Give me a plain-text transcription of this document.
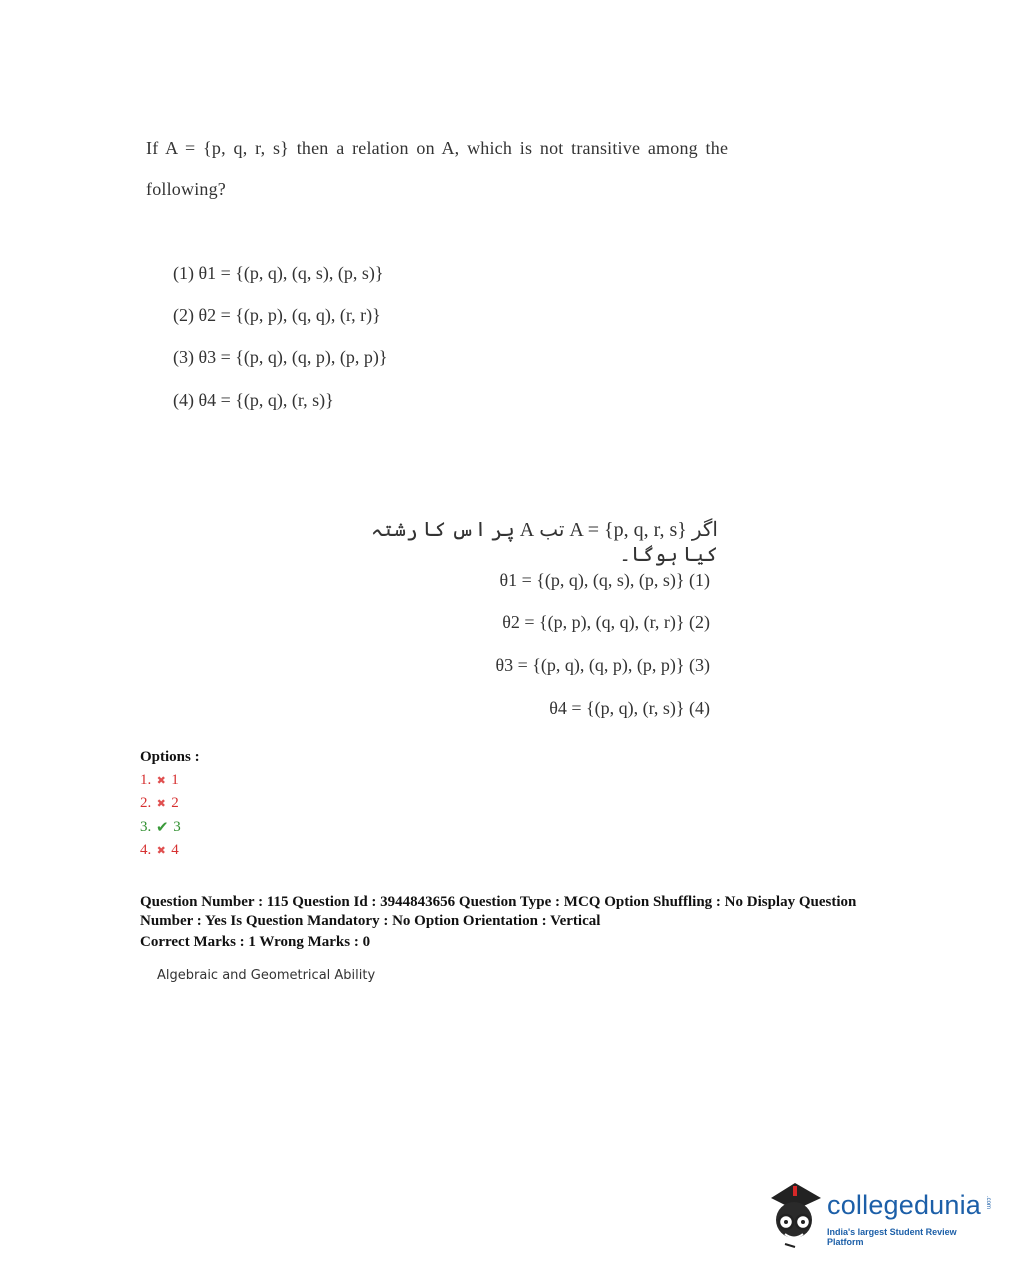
If A = {p, q, r, s} then a relation on A, which is not transitive among the
following?
(1) θ1 = {(p, q), (q, s), (p, s)}
(2) θ2 = {(p, p), (q, q), (r, r)}
(3) θ3 = {(p, q), (q, p), (p, p)}
(4) θ4 = {(p, q), (r, s)}
اگر A = {p, q, r, s} تب A پر اس کا رشتہ کیا ہوگا۔
θ1 = {(p, q), (q, s), (p, s)} (1)
θ2 = {(p, p), (q, q), (r, r)} (2)
θ3 = {(p, q), (q, p), (p, p)} (3)
θ4 = {(p, q), (r, s)} (4)
Options :
1. ✖ 1
2. ✖ 2
3. ✔ 3
4. ✖ 4
Question Number : 115 Question Id : 3944843656 Question Type : MCQ Option Shuffling : No Display Question
Number : Yes Is Question Mandatory : No Option Orientation : Vertical
Correct Marks : 1 Wrong Marks : 0
Algebraic and Geometrical Ability
collegedunia .com
India's largest Student Review Platform
